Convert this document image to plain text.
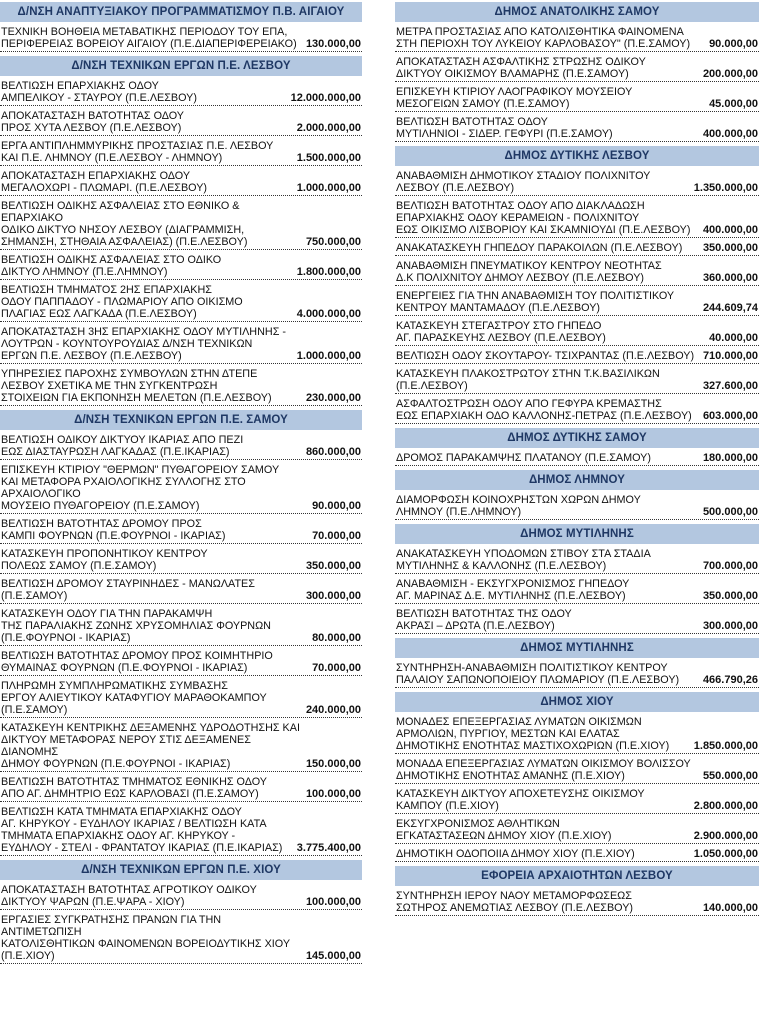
Δ/ΝΣΗ ΑΝΑΠΤΥΞΙΑΚΟΥ ΠΡΟΓΡΑΜΜΑΤΙΣΜΟΥ Π.Β. ΑΙΓΑΙΟΥ
ΤΕΧΝΙΚΗ ΒΟΗΘΕΙΑ ΜΕΤΑΒΑΤΙΚΗΣ ΠΕΡΙΟΔΟΥ ΤΟΥ ΕΠΑ,
ΠΕΡΙΦΕΡΕΙΑΣ ΒΟΡΕΙΟΥ ΑΙΓΑΙΟΥ (Π.Ε.ΔΙΑΠΕΡΙΦΕΡΕΙΑΚΟ) 130.000,00
Δ/ΝΣΗ ΤΕΧΝΙΚΩΝ ΕΡΓΩΝ Π.Ε. ΛΕΣΒΟΥ
ΒΕΛΤΙΩΣΗ ΕΠΑΡΧΙΑΚΗΣ ΟΔΟΥ
ΑΜΠΕΛΙΚΟΥ - ΣΤΑΥΡΟΥ (Π.Ε.ΛΕΣΒΟΥ)	12.000.000,00
ΑΠΟΚΑΤΑΣΤΑΣΗ ΒΑΤΟΤΗΤΑΣ ΟΔΟΥ
ΠΡΟΣ ΧΥΤΑ ΛΕΣΒΟΥ (Π.Ε.ΛΕΣΒΟΥ)	2.000.000,00
ΕΡΓΑ ΑΝΤΙΠΛΗΜΜΥΡΙΚΗΣ ΠΡΟΣΤΑΣΙΑΣ Π.Ε. ΛΕΣΒΟΥ
ΚΑΙ Π.Ε. ΛΗΜΝΟΥ (Π.Ε.ΛΕΣΒΟΥ - ΛΗΜΝΟΥ)	1.500.000,00
ΑΠΟΚΑΤΑΣΤΑΣΗ ΕΠΑΡΧΙΑΚΗΣ ΟΔΟΥ
ΜΕΓΑΛΟΧΩΡΙ - ΠΛΩΜΑΡΙ. (Π.Ε.ΛΕΣΒΟΥ)	1.000.000,00
ΒΕΛΤΙΩΣΗ ΟΔΙΚΗΣ ΑΣΦΑΛΕΙΑΣ ΣΤΟ ΕΘΝΙΚΟ & ΕΠΑΡΧΙΑΚΟ
ΟΔΙΚΟ ΔΙΚΤΥΟ ΝΗΣΟΥ ΛΕΣΒΟΥ (ΔΙΑΓΡΑΜΜΙΣΗ,
ΣΗΜΑΝΣΗ, ΣΤΗΘΑΙΑ ΑΣΦΑΛΕΙΑΣ) (Π.Ε.ΛΕΣΒΟΥ)	750.000,00
ΒΕΛΤΙΩΣΗ ΟΔΙΚΗΣ ΑΣΦΑΛΕΙΑΣ ΣΤΟ ΟΔΙΚΟ
ΔΙΚΤΥΟ ΛΗΜΝΟΥ (Π.Ε.ΛΗΜΝΟΥ)	1.800.000,00
ΒΕΛΤΙΩΣΗ ΤΜΗΜΑΤΟΣ 2ΗΣ ΕΠΑΡΧΙΑΚΗΣ
ΟΔΟΥ ΠΑΠΠΑΔΟΥ - ΠΛΩΜΑΡΙΟΥ ΑΠΟ ΟΙΚΙΣΜΟ
ΠΛΑΓΙΑΣ ΕΩΣ ΛΑΓΚΑΔΑ (Π.Ε.ΛΕΣΒΟΥ)	4.000.000,00
ΑΠΟΚΑΤΑΣΤΑΣΗ 3ΗΣ ΕΠΑΡΧΙΑΚΗΣ ΟΔΟΥ ΜΥΤΙΛΗΝΗΣ -
ΛΟΥΤΡΩΝ - ΚΟΥΝΤΟΥΡΟΥΔΙΑΣ Δ/ΝΣΗ ΤΕΧΝΙΚΩΝ
ΕΡΓΩΝ Π.Ε. ΛΕΣΒΟΥ (Π.Ε.ΛΕΣΒΟΥ)	1.000.000,00
ΥΠΗΡΕΣΙΕΣ ΠΑΡΟΧΗΣ ΣΥΜΒΟΥΛΩΝ ΣΤΗΝ ΔΤΕΠΕ
ΛΕΣΒΟΥ ΣΧΕΤΙΚΑ ΜΕ ΤΗΝ ΣΥΓΚΕΝΤΡΩΣΗ
ΣΤΟΙΧΕΙΩΝ ΓΙΑ ΕΚΠΟΝΗΣΗ ΜΕΛΕΤΩΝ (Π.Ε.ΛΕΣΒΟΥ)	230.000,00
Δ/ΝΣΗ ΤΕΧΝΙΚΩΝ ΕΡΓΩΝ Π.Ε. ΣΑΜΟΥ
ΒΕΛΤΙΩΣΗ ΟΔΙΚΟΥ ΔΙΚΤΥΟΥ ΙΚΑΡΙΑΣ ΑΠΟ ΠΕΖΙ
ΕΩΣ ΔΙΑΣΤΑΥΡΩΣΗ ΛΑΓΚΑΔΑΣ (Π.Ε.ΙΚΑΡΙΑΣ)	860.000,00
ΕΠΙΣΚΕΥΗ ΚΤΙΡΙΟΥ "ΘΕΡΜΩΝ" ΠΥΘΑΓΟΡΕΙΟΥ ΣΑΜΟΥ
ΚΑΙ ΜΕΤΑΦΟΡΑ ΡΧΑΙΟΛΟΓΙΚΗΣ ΣΥΛΛΟΓΗΣ ΣΤΟ ΑΡΧΑΙΟΛΟΓΙΚΟ
ΜΟΥΣΕΙΟ ΠΥΘΑΓΟΡΕΙΟΥ (Π.Ε.ΣΑΜΟΥ)	90.000,00
ΒΕΛΤΙΩΣΗ ΒΑΤΟΤΗΤΑΣ ΔΡΟΜΟΥ ΠΡΟΣ
ΚΑΜΠΙ ΦΟΥΡΝΩΝ (Π.Ε.ΦΟΥΡΝΟΙ - ΙΚΑΡΙΑΣ)	70.000,00
ΚΑΤΑΣΚΕΥΗ ΠΡΟΠΟΝΗΤΙΚΟΥ ΚΕΝΤΡΟΥ
ΠΟΛΕΩΣ ΣΑΜΟΥ (Π.Ε.ΣΑΜΟΥ)	350.000,00
ΒΕΛΤΙΩΣΗ ΔΡΟΜΟΥ ΣΤΑΥΡΙΝΗΔΕΣ - ΜΑΝΩΛΑΤΕΣ
(Π.Ε.ΣΑΜΟΥ)	300.000,00
ΚΑΤΑΣΚΕΥΗ ΟΔΟΥ ΓΙΑ ΤΗΝ ΠΑΡΑΚΑΜΨΗ
ΤΗΣ ΠΑΡΑΛΙΑΚΗΣ ΖΩΝΗΣ ΧΡΥΣΟΜΗΛΙΑΣ ΦΟΥΡΝΩΝ
(Π.Ε.ΦΟΥΡΝΟΙ - ΙΚΑΡΙΑΣ)	80.000,00
ΒΕΛΤΙΩΣΗ ΒΑΤΟΤΗΤΑΣ ΔΡΟΜΟΥ ΠΡΟΣ ΚΟΙΜΗΤΗΡΙΟ
ΘΥΜΑΙΝΑΣ ΦΟΥΡΝΩΝ (Π.Ε.ΦΟΥΡΝΟΙ - ΙΚΑΡΙΑΣ)	70.000,00
ΠΛΗΡΩΜΗ ΣΥΜΠΛΗΡΩΜΑΤΙΚΗΣ ΣΥΜΒΑΣΗΣ
ΕΡΓΟΥ ΑΛΙΕΥΤΙΚΟΥ ΚΑΤΑΦΥΓΙΟΥ ΜΑΡΑΘΟΚΑΜΠΟΥ
(Π.Ε.ΣΑΜΟΥ)	240.000,00
ΚΑΤΑΣΚΕΥΗ ΚΕΝΤΡΙΚΗΣ ΔΕΞΑΜΕΝΗΣ ΥΔΡΟΔΟΤΗΣΗΣ ΚΑΙ
ΔΙΚΤΥΟΥ ΜΕΤΑΦΟΡΑΣ ΝΕΡΟΥ ΣΤΙΣ ΔΕΞΑΜΕΝΕΣ ΔΙΑΝΟΜΗΣ
ΔΗΜΟΥ ΦΟΥΡΝΩΝ (Π.Ε.ΦΟΥΡΝΟΙ - ΙΚΑΡΙΑΣ)	150.000,00
ΒΕΛΤΙΩΣΗ ΒΑΤΟΤΗΤΑΣ ΤΜΗΜΑΤΟΣ ΕΘΝΙΚΗΣ ΟΔΟΥ
ΑΠΟ ΑΓ. ΔΗΜΗΤΡΙΟ ΕΩΣ ΚΑΡΛΟΒΑΣΙ (Π.Ε.ΣΑΜΟΥ)	100.000,00
ΒΕΛΤΙΩΣΗ ΚΑΤΑ ΤΜΗΜΑΤΑ ΕΠΑΡΧΙΑΚΗΣ ΟΔΟΥ
ΑΓ. ΚΗΡΥΚΟΥ - ΕΥΔΗΛΟΥ ΙΚΑΡΙΑΣ / ΒΕΛΤΙΩΣΗ ΚΑΤΑ
ΤΜΗΜΑΤΑ ΕΠΑΡΧΙΑΚΗΣ ΟΔΟΥ ΑΓ. ΚΗΡΥΚΟΥ -
ΕΥΔΗΛΟΥ - ΣΤΕΛΙ - ΦΡΑΝΤΑΤΟΥ ΙΚΑΡΙΑΣ (Π.Ε.ΙΚΑΡΙΑΣ)	3.775.400,00
Δ/ΝΣΗ ΤΕΧΝΙΚΩΝ ΕΡΓΩΝ Π.Ε. ΧΙΟΥ
ΑΠΟΚΑΤΑΣΤΑΣΗ ΒΑΤΟΤΗΤΑΣ ΑΓΡΟΤΙΚΟΥ ΟΔΙΚΟΥ
ΔΙΚΤΥΟΥ ΨΑΡΩΝ (Π.Ε.ΨΑΡΑ - ΧΙΟΥ)	100.000,00
ΕΡΓΑΣΙΕΣ ΣΥΓΚΡΑΤΗΣΗΣ ΠΡΑΝΩΝ ΓΙΑ ΤΗΝ ΑΝΤΙΜΕΤΩΠΙΣΗ
ΚΑΤΟΛΙΣΘΗΤΙΚΩΝ ΦΑΙΝΟΜΕΝΩΝ ΒΟΡΕΙΟΔΥΤΙΚΗΣ ΧΙΟΥ
(Π.Ε.ΧΙΟΥ)	145.000,00
ΔΗΜΟΣ ΑΝΑΤΟΛΙΚΗΣ ΣΑΜΟΥ
ΜΕΤΡΑ ΠΡΟΣΤΑΣΙΑΣ ΑΠΟ ΚΑΤΟΛΙΣΘΗΤΙΚΑ ΦΑΙΝΟΜΕΝΑ
ΣΤΗ ΠΕΡΙΟΧΗ ΤΟΥ ΛΥΚΕΙΟΥ ΚΑΡΛΟΒΑΣΟΥ" (Π.Ε.ΣΑΜΟΥ)	90.000,00
ΑΠΟΚΑΤΑΣΤΑΣΗ ΑΣΦΑΛΤΙΚΗΣ ΣΤΡΩΣΗΣ ΟΔΙΚΟΥ
ΔΙΚΤΥΟΥ ΟΙΚΙΣΜΟΥ ΒΛΑΜΑΡΗΣ (Π.Ε.ΣΑΜΟΥ)	200.000,00
ΕΠΙΣΚΕΥΗ ΚΤΙΡΙΟΥ ΛΑΟΓΡΑΦΙΚΟΥ ΜΟΥΣΕΙΟΥ
ΜΕΣΟΓΕΙΩΝ ΣΑΜΟΥ (Π.Ε.ΣΑΜΟΥ)	45.000,00
ΒΕΛΤΙΩΣΗ ΒΑΤΟΤΗΤΑΣ ΟΔΟΥ
ΜΥΤΙΛΗΝΙΟΙ - ΣΙΔΕΡ. ΓΕΦΥΡΙ (Π.Ε.ΣΑΜΟΥ)	400.000,00
ΔΗΜΟΣ ΔΥΤΙΚΗΣ ΛΕΣΒΟΥ
ΑΝΑΒΑΘΜΙΣΗ ΔΗΜΟΤΙΚΟΥ ΣΤΑΔΙΟΥ ΠΟΛΙΧΝΙΤΟΥ
ΛΕΣΒΟΥ (Π.Ε.ΛΕΣΒΟΥ)	1.350.000,00
ΒΕΛΤΙΩΣΗ ΒΑΤΟΤΗΤΑΣ ΟΔΟΥ ΑΠΟ ΔΙΑΚΛΑΔΩΣΗ
ΕΠΑΡΧΙΑΚΗΣ ΟΔΟΥ ΚΕΡΑΜΕΙΩΝ - ΠΟΛΙΧΝΙΤΟΥ
ΕΩΣ ΟΙΚΙΣΜΟ ΛΙΣΒΟΡΙΟΥ ΚΑΙ ΣΚΑΜΝΙΟΥΔΙ (Π.Ε.ΛΕΣΒΟΥ)	400.000,00
ΑΝΑΚΑΤΑΣΚΕΥΗ ΓΗΠΕΔΟΥ ΠΑΡΑΚΟΙΛΩΝ (Π.Ε.ΛΕΣΒΟΥ)	350.000,00
ΑΝΑΒΑΘΜΙΣΗ ΠΝΕΥΜΑΤΙΚΟΥ ΚΕΝΤΡΟΥ ΝΕΟΤΗΤΑΣ
Δ.Κ ΠΟΛΙΧΝΙΤΟΥ ΔΗΜΟΥ ΛΕΣΒΟΥ (Π.Ε.ΛΕΣΒΟΥ)	360.000,00
ΕΝΕΡΓΕΙΕΣ ΓΙΑ ΤΗΝ ΑΝΑΒΑΘΜΙΣΗ ΤΟΥ ΠΟΛΙΤΙΣΤΙΚΟΥ
ΚΕΝΤΡΟΥ ΜΑΝΤΑΜΑΔΟΥ (Π.Ε.ΛΕΣΒΟΥ)	244.609,74
ΚΑΤΑΣΚΕΥΗ ΣΤΕΓΑΣΤΡΟΥ ΣΤΟ ΓΗΠΕΔΟ
ΑΓ. ΠΑΡΑΣΚΕΥΗΣ ΛΕΣΒΟΥ (Π.Ε.ΛΕΣΒΟΥ)	40.000,00
ΒΕΛΤΙΩΣΗ ΟΔΟΥ ΣΚΟΥΤΑΡΟΥ- ΤΣΙΧΡΑΝΤΑΣ (Π.Ε.ΛΕΣΒΟΥ) 710.000,00
ΚΑΤΑΣΚΕΥΗ ΠΛΑΚΟΣΤΡΩΤΟΥ ΣΤΗΝ Τ.Κ.ΒΑΣΙΛΙΚΩΝ
(Π.Ε.ΛΕΣΒΟΥ)	327.600,00
ΑΣΦΑΛΤΟΣΤΡΩΣΗ ΟΔΟΥ ΑΠΟ ΓΕΦΥΡΑ ΚΡΕΜΑΣΤΗΣ
ΕΩΣ ΕΠΑΡΧΙΑΚΗ ΟΔΟ ΚΑΛΛΟΝΗΣ-ΠΕΤΡΑΣ (Π.Ε.ΛΕΣΒΟΥ)	603.000,00
ΔΗΜΟΣ ΔΥΤΙΚΗΣ ΣΑΜΟΥ
ΔΡΟΜΟΣ ΠΑΡΑΚΑΜΨΗΣ ΠΛΑΤΑΝΟΥ (Π.Ε.ΣΑΜΟΥ)	180.000,00
ΔΗΜΟΣ ΛΗΜΝΟΥ
ΔΙΑΜΟΡΦΩΣΗ ΚΟΙΝΟΧΡΗΣΤΩΝ ΧΩΡΩΝ ΔΗΜΟΥ
ΛΗΜΝΟΥ (Π.Ε.ΛΗΜΝΟΥ)	500.000,00
ΔΗΜΟΣ ΜΥΤΙΛΗΝΗΣ
ΑΝΑΚΑΤΑΣΚΕΥΗ ΥΠΟΔΟΜΩΝ ΣΤΙΒΟΥ ΣΤΑ ΣΤΑΔΙΑ
ΜΥΤΙΛΗΝΗΣ & ΚΑΛΛΟΝΗΣ (Π.Ε.ΛΕΣΒΟΥ)	700.000,00
ΑΝΑΒΑΘΜΙΣΗ - ΕΚΣΥΓΧΡΟΝΙΣΜΟΣ ΓΗΠΕΔΟΥ
ΑΓ. ΜΑΡΙΝΑΣ Δ.Ε. ΜΥΤΙΛΗΝΗΣ (Π.Ε.ΛΕΣΒΟΥ)	350.000,00
ΒΕΛΤΙΩΣΗ ΒΑΤΟΤΗΤΑΣ ΤΗΣ ΟΔΟΥ
ΑΚΡΑΣΙ – ΔΡΩΤΑ (Π.Ε.ΛΕΣΒΟΥ)	300.000,00
ΔΗΜΟΣ ΜΥΤΙΛΗΝΗΣ
ΣΥΝΤΗΡΗΣΗ-ΑΝΑΒΑΘΜΙΣΗ ΠΟΛΙΤΙΣΤΙΚΟΥ ΚΕΝΤΡΟΥ
ΠΑΛΑΙΟΥ ΣΑΠΩΝΟΠΟΙΕΙΟΥ ΠΛΩΜΑΡΙΟΥ (Π.Ε.ΛΕΣΒΟΥ)	466.790,26
ΔΗΜΟΣ ΧΙΟΥ
ΜΟΝΑΔΕΣ ΕΠΕΞΕΡΓΑΣΙΑΣ ΛΥΜΑΤΩΝ ΟΙΚΙΣΜΩΝ
ΑΡΜΟΛΙΩΝ, ΠΥΡΓΙΟΥ, ΜΕΣΤΩΝ ΚΑΙ ΕΛΑΤΑΣ
ΔΗΜΟΤΙΚΗΣ ΕΝΟΤΗΤΑΣ ΜΑΣΤΙΧΟΧΩΡΙΩΝ (Π.Ε.ΧΙΟΥ)	1.850.000,00
ΜΟΝΑΔΑ ΕΠΕΞΕΡΓΑΣΙΑΣ ΛΥΜΑΤΩΝ ΟΙΚΙΣΜΟΥ ΒΟΛΙΣΣΟΥ
ΔΗΜΟΤΙΚΗΣ ΕΝΟΤΗΤΑΣ ΑΜΑΝΗΣ (Π.Ε.ΧΙΟΥ)	550.000,00
ΚΑΤΑΣΚΕΥΗ ΔΙΚΤΥΟΥ ΑΠΟΧΕΤΕΥΣΗΣ ΟΙΚΙΣΜΟΥ
ΚΑΜΠΟΥ (Π.Ε.ΧΙΟΥ)	2.800.000,00
ΕΚΣΥΓΧΡΟΝΙΣΜΟΣ ΑΘΛΗΤΙΚΩΝ
ΕΓΚΑΤΑΣΤΑΣΕΩΝ ΔΗΜΟΥ ΧΙΟΥ (Π.Ε.ΧΙΟΥ)	2.900.000,00
ΔΗΜΟΤΙΚΗ ΟΔΟΠΟΙΙΑ ΔΗΜΟΥ ΧΙΟΥ (Π.Ε.ΧΙΟΥ)	1.050.000,00
ΕΦΟΡΕΙΑ ΑΡΧΑΙΟΤΗΤΩΝ ΛΕΣΒΟΥ
ΣΥΝΤΗΡΗΣΗ ΙΕΡΟΥ ΝΑΟΥ ΜΕΤΑΜΟΡΦΩΣΕΩΣ
ΣΩΤΗΡΟΣ ΑΝΕΜΩΤΙΑΣ ΛΕΣΒΟΥ (Π.Ε.ΛΕΣΒΟΥ)	140.000,00
